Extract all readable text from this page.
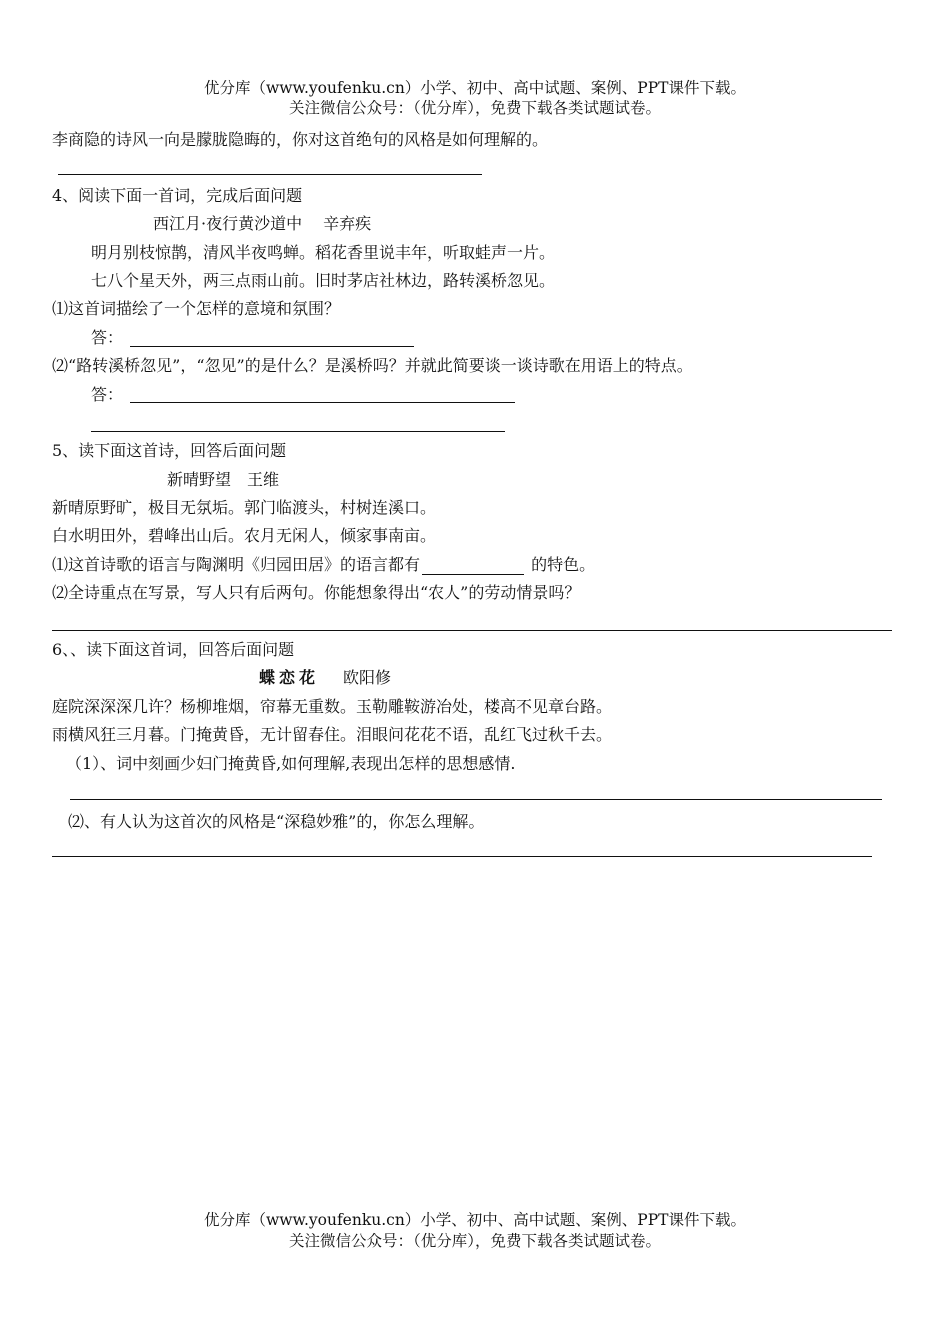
优分库（www.youfenku.cn）小学、初中、高中试题、案例、PPT课件下载。
关注微信公众号：（优分库），免费下载各类试题试卷。
李商隐的诗风一向是朦胧隐晦的，你对这首绝句的风格是如何理解的。
4、阅读下面一首词，完成后面问题
西江月·夜行黄沙道中　 辛弃疾
明月别枝惊鹊，清风半夜鸣蝉。稻花香里说丰年，听取蛙声一片。
七八个星天外，两三点雨山前。旧时茅店社林边，路转溪桥忽见。
⑴这首词描绘了一个怎样的意境和氛围？
答：
⑵“路转溪桥忽见”，“忽见”的是什么？是溪桥吗？并就此简要谈一谈诗歌在用语上的特点。
答：
5、读下面这首诗，回答后面问题
新晴野望　王维
新晴原野旷，极目无氛垢。郭门临渡头，村树连溪口。
白水明田外，碧峰出山后。农月无闲人，倾家事南亩。
⑴这首诗歌的语言与陶渊明《归园田居》的语言都有	的特色。
⑵全诗重点在写景，写人只有后两句。你能想象得出“农人”的劳动情景吗？
6、、读下面这首词，回答后面问题
蝶恋花 欧阳修
庭院深深深几许？杨柳堆烟，帘幕无重数。玉勒雕鞍游冶处，楼高不见章台路。
雨横风狂三月暮。门掩黄昏，无计留春住。泪眼问花花不语，乱红飞过秋千去。
（1）、词中刻画少妇门掩黄昏,如何理解,表现出怎样的思想感情.
⑵、有人认为这首次的风格是“深稳妙雅”的，你怎么理解。
优分库（www.youfenku.cn）小学、初中、高中试题、案例、PPT课件下载。
关注微信公众号：（优分库），免费下载各类试题试卷。
